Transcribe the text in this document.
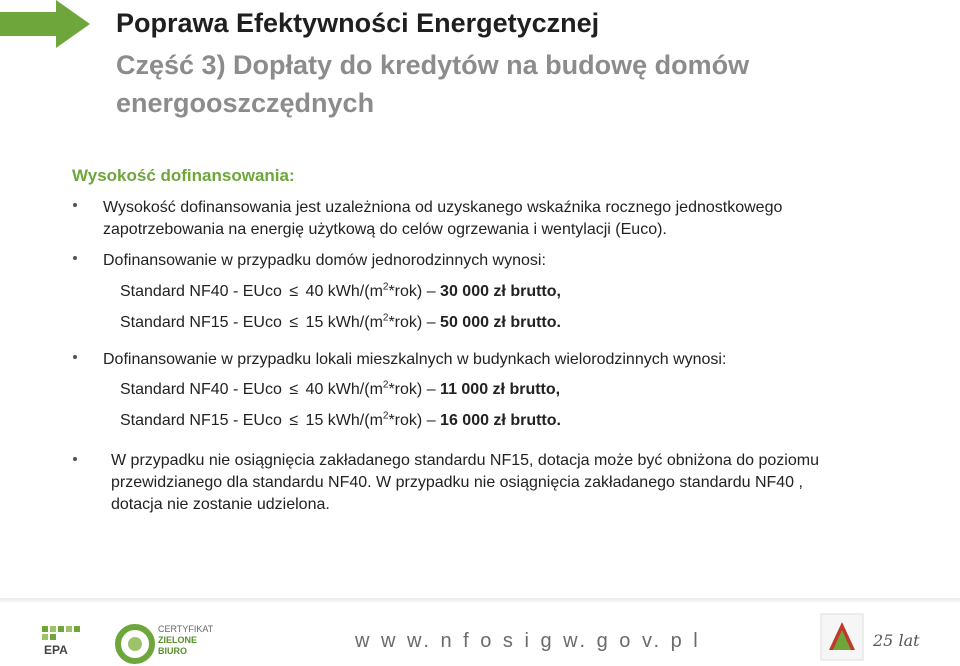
Poprawa Efektywności Energetycznej
Część 3) Dopłaty do kredytów na budowę domów energooszczędnych
Wysokość dofinansowania:
Wysokość dofinansowania jest uzależniona od uzyskanego wskaźnika rocznego jednostkowego
zapotrzebowania na energię użytkową do celów ogrzewania i wentylacji (Euco).
Dofinansowanie w przypadku domów jednorodzinnych wynosi:
Standard NF40 - EUco ≤ 40 kWh/$(m^2*rok) - 30$ 000 zł brutto,
Standard NF15 - EUco ≤ 15 kWh/$(m^2*rok) - 50$ 000 zł brutto.
Dofinansowanie w przypadku lokali mieszkalnych w budynkach wielorodzinnych wynosi:
Standard NF40 - EUco ≤ 40 kWh/$(m^2*rok) - 11$ 000 zł brutto,
Standard NF15 - EUco ≤ 15 kWh/$(m^2*rok) - 16$ 000 zł brutto.
W przypadku nie osiągnięcia zakładanego standardu NF15, dotacja może być obniżona do poziomu
przewidzianego dla standardu NF40. W przypadku nie osiągnięcia zakładanego standardu NF40 ,
dotacja nie zostanie udzielona.
EPA
CERTYFIKAT
ZIELONE
BIURO	w w w. n f o s i g w. g o v. p l	25 lat
